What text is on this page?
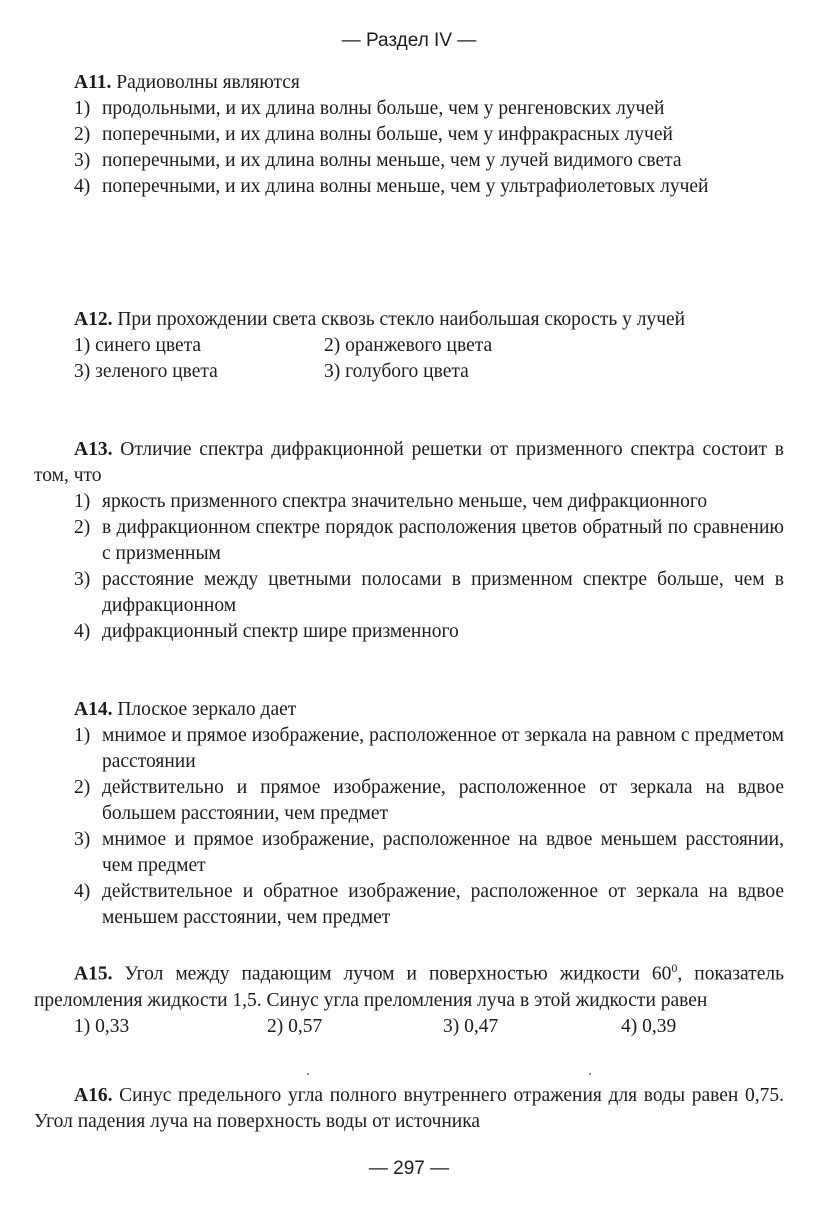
— Раздел IV —
A11. Радиоволны являются
1) продольными, и их длина волны больше, чем у ренгеновских лучей
2) поперечными, и их длина волны больше, чем у инфракрасных лучей
3) поперечными, и их длина волны меньше, чем у лучей видимого света
4) поперечными, и их длина волны меньше, чем у ультрафиолетовых лучей
A12. При прохождении света сквозь стекло наибольшая скорость у лучей
1) синего цвета	2) оранжевого цвета
3) зеленого цвета	3) голубого цвета
A13. Отличие спектра дифракционной решетки от призменного спектра состоит в том, что
1) яркость призменного спектра значительно меньше, чем дифракционного
2) в дифракционном спектре порядок расположения цветов обратный по сравнению с призменным
3) расстояние между цветными полосами в призменном спектре больше, чем в дифракционном
4) дифракционный спектр шире призменного
A14. Плоское зеркало дает
1) мнимое и прямое изображение, расположенное от зеркала на равном с предметом расстоянии
2) действительно и прямое изображение, расположенное от зеркала на вдвое большем расстоянии, чем предмет
3) мнимое и прямое изображение, расположенное на вдвое меньшем расстоянии, чем предмет
4) действительное и обратное изображение, расположенное от зеркала на вдвое меньшем расстоянии, чем предмет
A15. Угол между падающим лучом и поверхностью жидкости $60^0$, показатель преломления жидкости 1,5. Синус угла преломления луча в этой жидкости равен
1) 0,33	2) 0,57	3) 0,47	4) 0,39
A16. Синус предельного угла полного внутреннего отражения для воды равен 0,75. Угол падения луча на поверхность воды от источника
— 297 —
